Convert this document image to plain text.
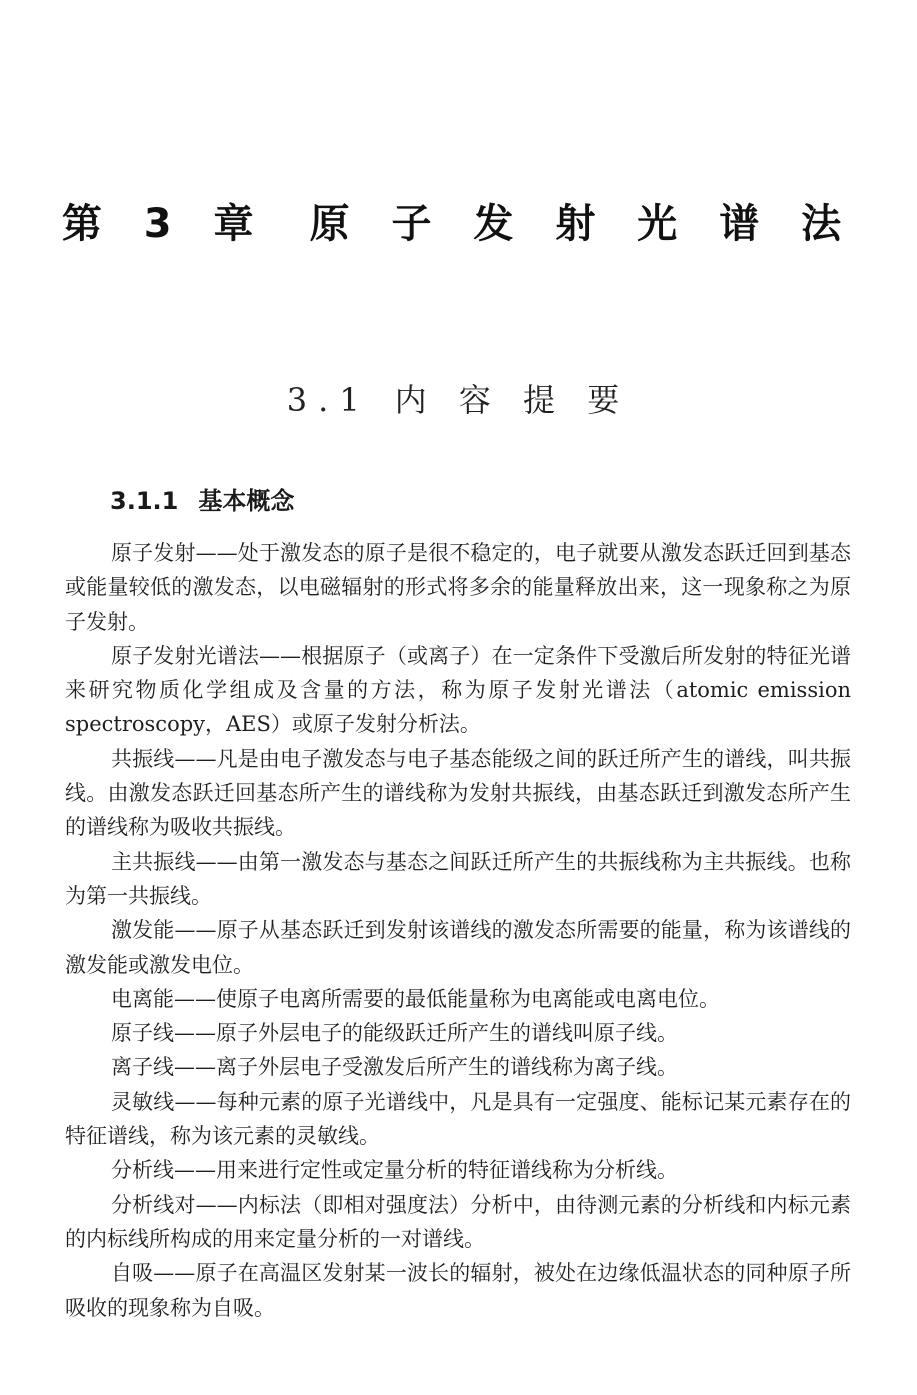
第 3 章 原 子 发 射 光 谱 法
3.1 内 容 提 要
3.1.1 基本概念

原子发射——处于激发态的原子是很不稳定的，电子就要从激发态跃迁回到基态或能量较低的激发态，以电磁辐射的形式将多余的能量释放出来，这一现象称之为原子发射。

原子发射光谱法——根据原子（或离子）在一定条件下受激后所发射的特征光谱来研究物质化学组成及含量的方法，称为原子发射光谱法（atomic emission spectroscopy，AES）或原子发射分析法。

共振线——凡是由电子激发态与电子基态能级之间的跃迁所产生的谱线，叫共振线。由激发态跃迁回基态所产生的谱线称为发射共振线，由基态跃迁到激发态所产生的谱线称为吸收共振线。

主共振线——由第一激发态与基态之间跃迁所产生的共振线称为主共振线。也称为第一共振线。

激发能——原子从基态跃迁到发射该谱线的激发态所需要的能量，称为该谱线的激发能或激发电位。

电离能——使原子电离所需要的最低能量称为电离能或电离电位。

原子线——原子外层电子的能级跃迁所产生的谱线叫原子线。

离子线——离子外层电子受激发后所产生的谱线称为离子线。

灵敏线——每种元素的原子光谱线中，凡是具有一定强度、能标记某元素存在的特征谱线，称为该元素的灵敏线。

分析线——用来进行定性或定量分析的特征谱线称为分析线。

分析线对——内标法（即相对强度法）分析中，由待测元素的分析线和内标元素的内标线所构成的用来定量分析的一对谱线。

自吸——原子在高温区发射某一波长的辐射，被处在边缘低温状态的同种原子所吸收的现象称为自吸。
